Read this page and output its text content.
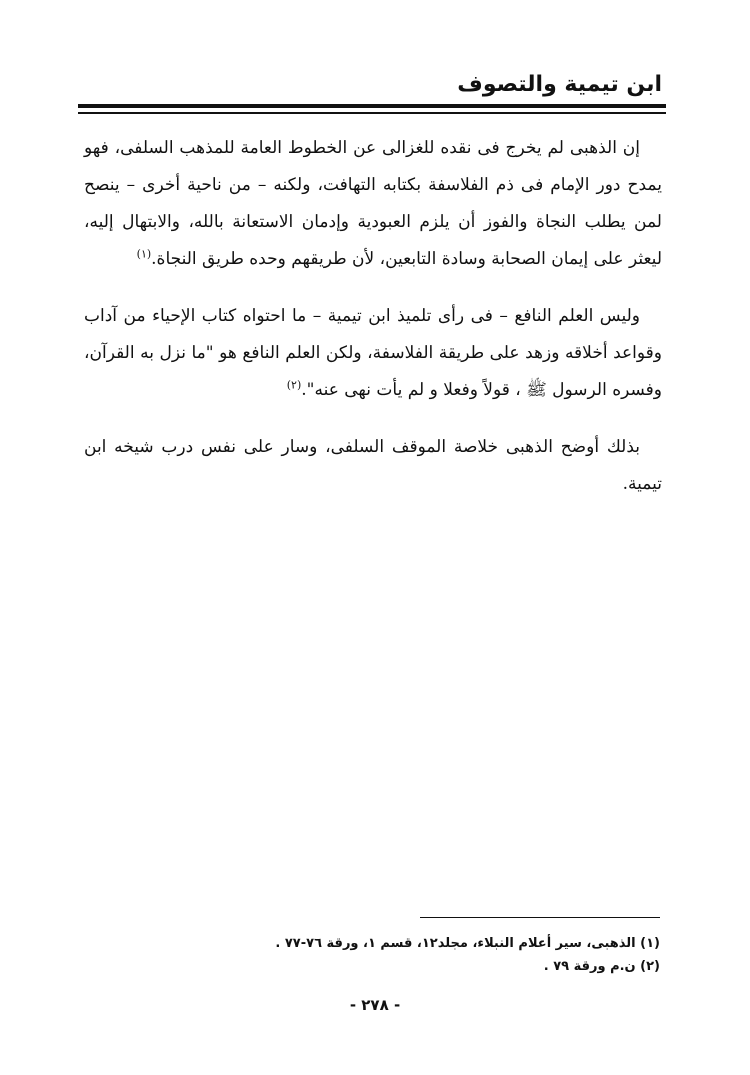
ابن تيمية والتصوف

إن الذهبى لم يخرج فى نقده للغزالى عن الخطوط العامة للمذهب السلفى، فهو يمدح دور الإمام فى ذم الفلاسفة بكتابه التهافت، ولكنه – من ناحية أخرى – ينصح لمن يطلب النجاة والفوز أن يلزم العبودية وإدمان الاستعانة بالله، والابتهال إليه، ليعثر على إيمان الصحابة وسادة التابعين، لأن طريقهم وحده طريق النجاة.$^{(١)}$

وليس العلم النافع – فى رأى تلميذ ابن تيمية – ما احتواه كتاب الإحياء من آداب وقواعد أخلاقه وزهد على طريقة الفلاسفة، ولكن العلم النافع هو "ما نزل به القرآن، وفسره الرسول ﷺ ، قولاً وفعلا و لم يأت نهى عنه".$^{(٢)}$

بذلك أوضح الذهبى خلاصة الموقف السلفى، وسار على نفس درب شيخه ابن تيمية.

(١) الذهبى، سير أعلام النبلاء، مجلد١٢، قسم ١، ورقة ٧٦-٧٧ .
(٢) ن.م ورقة ٧٩ .
- ٢٧٨ -
